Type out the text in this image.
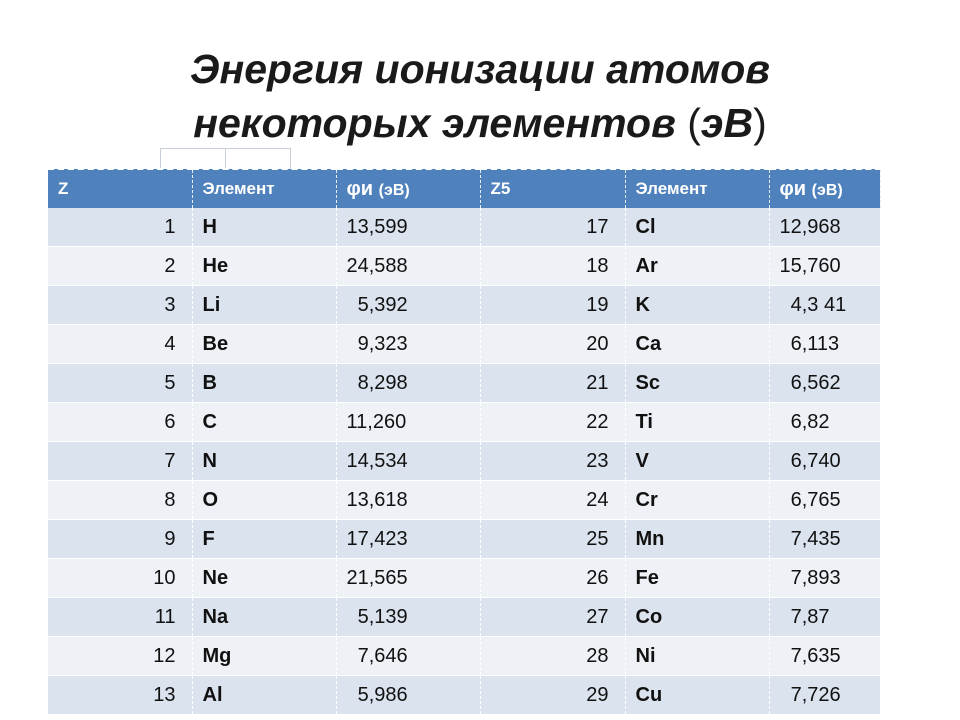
Энергия ионизации атомов
некоторых элементов (эВ)
Z	Элемент	φи (эВ)	Z5	Элемент	φи (эВ)
1	H	13,599	17	Cl	12,968
2	He	24,588	18	Ar	15,760
3	Li	5,392	19	K	4,3 41
4	Be	9,323	20	Ca	6,113
5	B	8,298	21	Sc	6,562
6	C	11,260	22	Ti	6,82
7	N	14,534	23	V	6,740
8	O	13,618	24	Cr	6,765
9	F	17,423	25	Mn	7,435
10	Ne	21,565	26	Fe	7,893
11	Na	5,139	27	Co	7,87
12	Mg	7,646	28	Ni	7,635
13	Al	5,986	29	Cu	7,726
